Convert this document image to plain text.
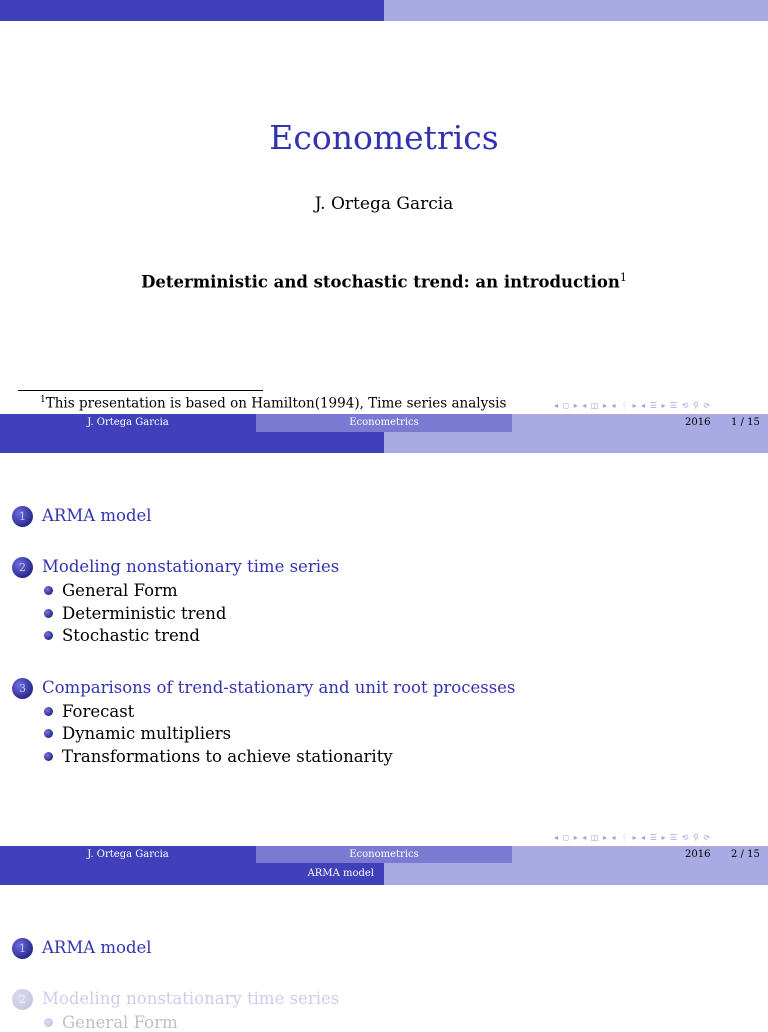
Econometrics
J. Ortega Garcia
Deterministic and stochastic trend: an introduction$^1$
$^1$This presentation is based on Hamilton(1994), Time series analysis	◂ ◻ ▸ ◂ ◫ ▸ ◂ ⋮ ▸ ◂ ☰ ▸ ☰ ⟲ ⚲ ⟳
J. Ortega Garcia	Econometrics	2016 1 / 15
1 ARMA model
2 Modeling nonstationary time series
General Form
Deterministic trend
Stochastic trend
3 Comparisons of trend-stationary and unit root processes
Forecast
Dynamic multipliers
Transformations to achieve stationarity
◂ ◻ ▸ ◂ ◫ ▸ ◂ ⋮ ▸ ◂ ☰ ▸ ☰ ⟲ ⚲ ⟳
J. Ortega Garcia	Econometrics	2016 2 / 15
ARMA model
1 ARMA model
2 Modeling nonstationary time series
General Form
